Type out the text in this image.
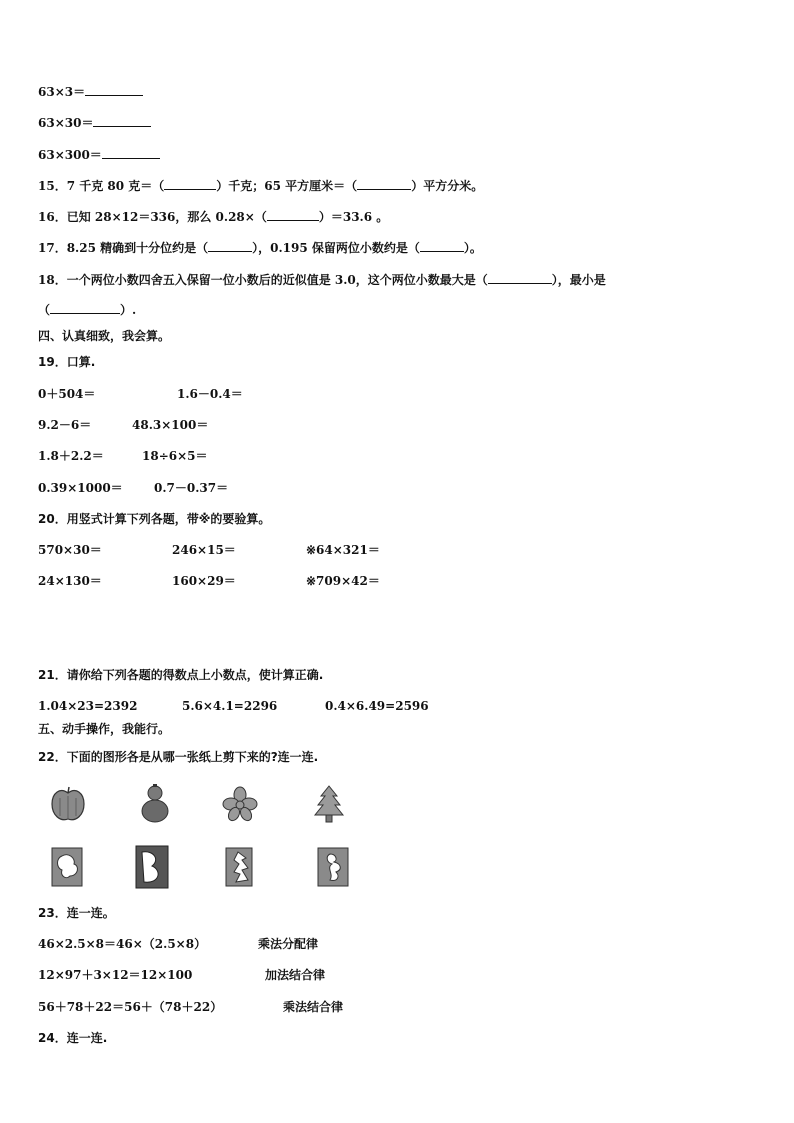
63×3＝
63×30＝
63×300＝
15．7 千克 80 克＝（	）千克；65 平方厘米＝（	）平方分米。
16．已知 28×12＝336，那么 0.28×（	）＝33.6 。
17．8.25 精确到十分位约是（	），0.195 保留两位小数约是（	）。
18．一个两位小数四舍五入保留一位小数后的近似值是 3.0，这个两位小数最大是（	），最小是
（	）.
四、认真细致，我会算。
19．口算.
0＋504＝	1.6－0.4＝
9.2－6＝	48.3×100＝
1.8＋2.2＝	18÷6×5＝
0.39×1000＝	0.7－0.37＝
20．用竖式计算下列各题，带※的要验算。
570×30＝	246×15＝	※64×321＝
24×130＝	160×29＝	※709×42＝
21．请你给下列各题的得数点上小数点，使计算正确.
1.04×23=2392	5.6×4.1=2296	0.4×6.49=2596
五、动手操作，我能行。
22．下面的图形各是从哪一张纸上剪下来的?连一连.
23．连一连。
46×2.5×8＝46×（2.5×8）	乘法分配律
12×97＋3×12＝12×100	加法结合律
56＋78＋22＝56＋（78＋22）	乘法结合律
24．连一连.
